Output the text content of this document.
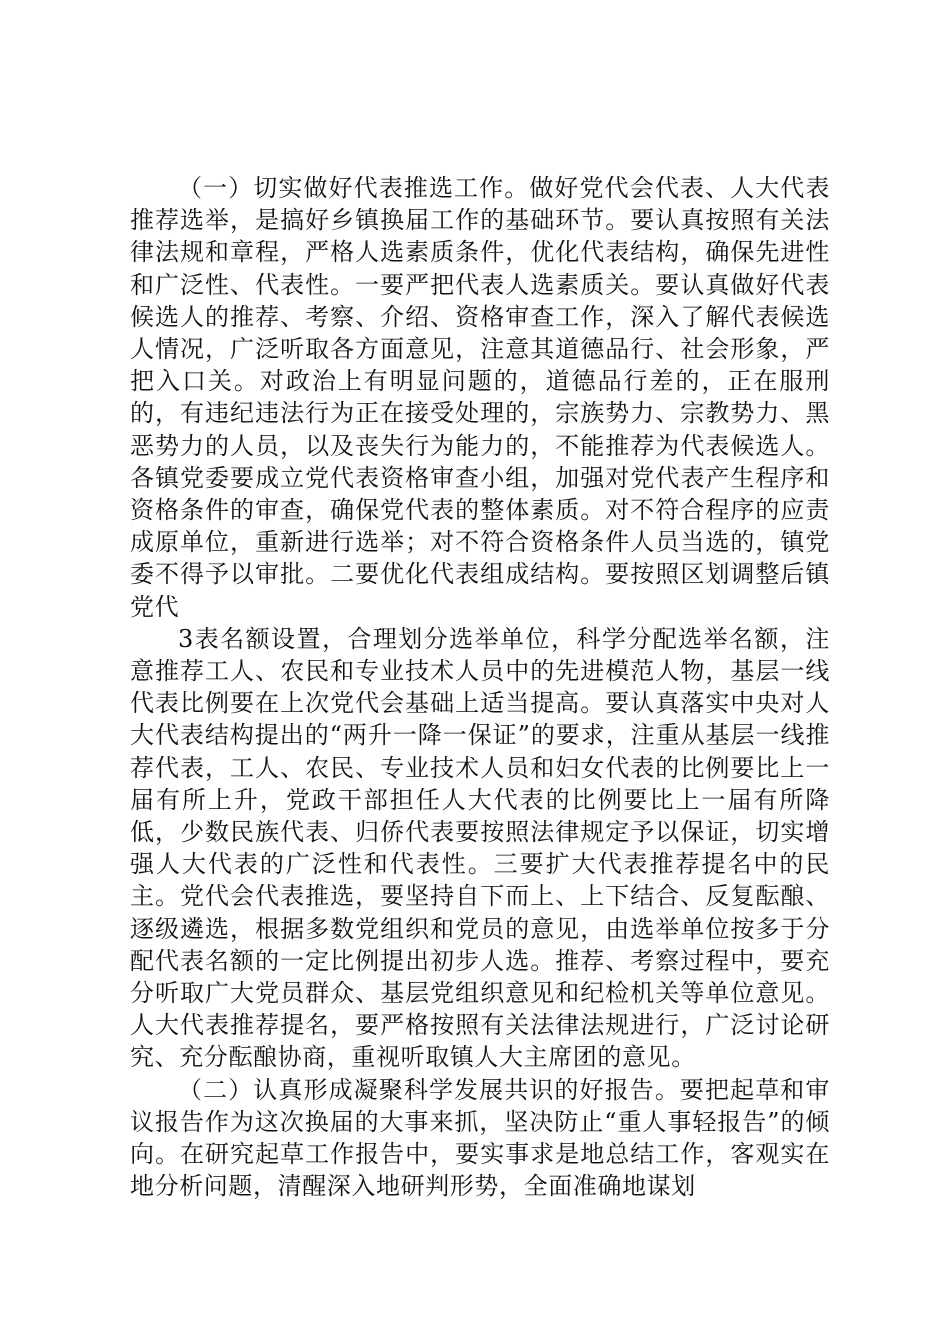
（一）切实做好代表推选工作。做好党代会代表、人大代表推荐选举，是搞好乡镇换届工作的基础环节。要认真按照有关法律法规和章程，严格人选素质条件，优化代表结构，确保先进性和广泛性、代表性。一要严把代表人选素质关。要认真做好代表候选人的推荐、考察、介绍、资格审查工作，深入了解代表候选人情况，广泛听取各方面意见，注意其道德品行、社会形象，严把入口关。对政治上有明显问题的，道德品行差的，正在服刑的，有违纪违法行为正在接受处理的，宗族势力、宗教势力、黑恶势力的人员，以及丧失行为能力的，不能推荐为代表候选人。各镇党委要成立党代表资格审查小组，加强对党代表产生程序和资格条件的审查，确保党代表的整体素质。对不符合程序的应责成原单位，重新进行选举；对不符合资格条件人员当选的，镇党委不得予以审批。二要优化代表组成结构。要按照区划调整后镇党代

3表名额设置，合理划分选举单位，科学分配选举名额，注意推荐工人、农民和专业技术人员中的先进模范人物，基层一线代表比例要在上次党代会基础上适当提高。要认真落实中央对人大代表结构提出的“两升一降一保证”的要求，注重从基层一线推荐代表，工人、农民、专业技术人员和妇女代表的比例要比上一届有所上升，党政干部担任人大代表的比例要比上一届有所降低，少数民族代表、归侨代表要按照法律规定予以保证，切实增强人大代表的广泛性和代表性。三要扩大代表推荐提名中的民主。党代会代表推选，要坚持自下而上、上下结合、反复酝酿、逐级遴选，根据多数党组织和党员的意见，由选举单位按多于分配代表名额的一定比例提出初步人选。推荐、考察过程中，要充分听取广大党员群众、基层党组织意见和纪检机关等单位意见。人大代表推荐提名，要严格按照有关法律法规进行，广泛讨论研究、充分酝酿协商，重视听取镇人大主席团的意见。

（二）认真形成凝聚科学发展共识的好报告。要把起草和审议报告作为这次换届的大事来抓，坚决防止“重人事轻报告”的倾向。在研究起草工作报告中，要实事求是地总结工作，客观实在地分析问题，清醒深入地研判形势，全面准确地谋划
